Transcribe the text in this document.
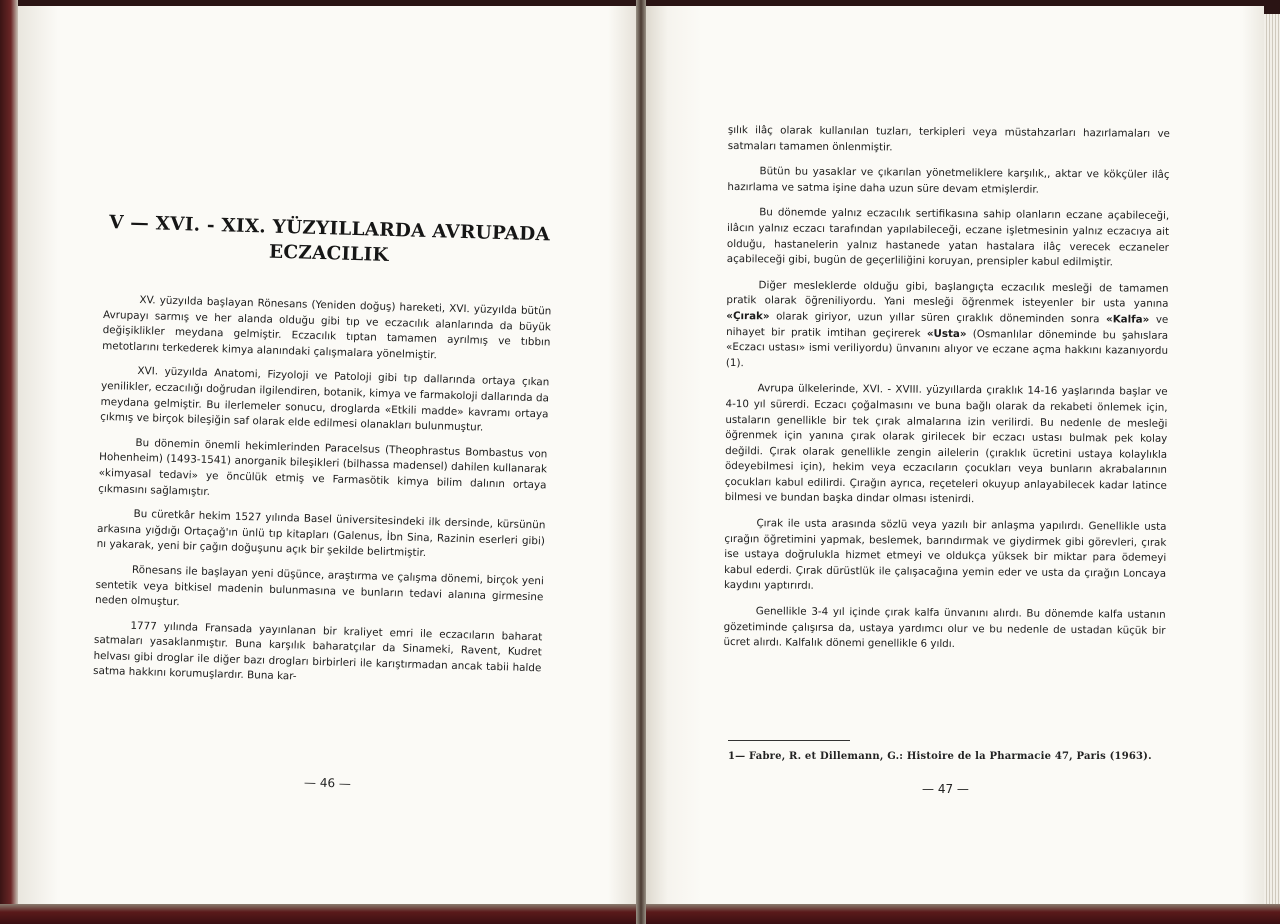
V — XVI. - XIX. YÜZYILLARDA AVRUPADA
ECZACILIK

XV. yüzyılda başlayan Rönesans (Yeniden doğuş) hareketi, XVI. yüzyılda bütün Avrupayı sarmış ve her alanda olduğu gibi tıp ve eczacılık alanlarında da büyük değişiklikler meydana gelmiştir. Eczacılık tıptan tamamen ayrılmış ve tıbbın metotlarını terkederek kimya alanındaki çalışmalara yönelmiştir.

XVI. yüzyılda Anatomi, Fizyoloji ve Patoloji gibi tıp dallarında ortaya çıkan yenilikler, eczacılığı doğrudan ilgilendiren, botanik, kimya ve farmakoloji dallarında da meydana gelmiştir. Bu ilerlemeler sonucu, droglarda «Etkili madde» kavramı ortaya çıkmış ve birçok bileşiğin saf olarak elde edilmesi olanakları bulunmuştur.

Bu dönemin önemli hekimlerinden Paracelsus (Theophrastus Bombastus von Hohenheim) (1493-1541) anorganik bileşikleri (bilhassa madensel) dahilen kullanarak «kimyasal tedavi» ye öncülük etmiş ve Farmasötik kimya bilim dalının ortaya çıkmasını sağlamıştır.

Bu cüretkâr hekim 1527 yılında Basel üniversitesindeki ilk dersinde, kürsünün arkasına yığdığı Ortaçağ'ın ünlü tıp kitapları (Galenus, İbn Sina, Razinin eserleri gibi) nı yakarak, yeni bir çağın doğuşunu açık bir şekilde belirtmiştir.

Rönesans ile başlayan yeni düşünce, araştırma ve çalışma dönemi, birçok yeni sentetik veya bitkisel madenin bulunmasına ve bunların tedavi alanına girmesine neden olmuştur.

1777 yılında Fransada yayınlanan bir kraliyet emri ile eczacıların baharat satmaları yasaklanmıştır. Buna karşılık baharatçılar da Sinameki, Ravent, Kudret helvası gibi droglar ile diğer bazı drogları birbirleri ile karıştırmadan ancak tabii halde satma hakkını korumuşlardır. Buna kar-

— 46 —

şılık ilâç olarak kullanılan tuzları, terkipleri veya müstahzarları hazırlamaları ve satmaları tamamen önlenmiştir.

Bütün bu yasaklar ve çıkarılan yönetmeliklere karşılık,, aktar ve kökçüler ilâç hazırlama ve satma işine daha uzun süre devam etmişlerdir.

Bu dönemde yalnız eczacılık sertifikasına sahip olanların eczane açabileceği, ilâcın yalnız eczacı tarafından yapılabileceği, eczane işletmesinin yalnız eczacıya ait olduğu, hastanelerin yalnız hastanede yatan hastalara ilâç verecek eczaneler açabileceği gibi, bugün de geçerliliğini koruyan, prensipler kabul edilmiştir.

Diğer mesleklerde olduğu gibi, başlangıçta eczacılık mesleği de tamamen pratik olarak öğreniliyordu. Yani mesleği öğrenmek isteyenler bir usta yanına «Çırak» olarak giriyor, uzun yıllar süren çıraklık döneminden sonra «Kalfa» ve nihayet bir pratik imtihan geçirerek «Usta» (Osmanlılar döneminde bu şahıslara «Eczacı ustası» ismi veriliyordu) ünvanını alıyor ve eczane açma hakkını kazanıyordu (1).

Avrupa ülkelerinde, XVI. - XVIII. yüzyıllarda çıraklık 14-16 yaşlarında başlar ve 4-10 yıl sürerdi. Eczacı çoğalmasını ve buna bağlı olarak da rekabeti önlemek için, ustaların genellikle bir tek çırak almalarına izin verilirdi. Bu nedenle de mesleği öğrenmek için yanına çırak olarak girilecek bir eczacı ustası bulmak pek kolay değildi. Çırak olarak genellikle zengin ailelerin (çıraklık ücretini ustaya kolaylıkla ödeyebilmesi için), hekim veya eczacıların çocukları veya bunların akrabalarının çocukları kabul edilirdi. Çırağın ayrıca, reçeteleri okuyup anlayabilecek kadar latince bilmesi ve bundan başka dindar olması istenirdi.

Çırak ile usta arasında sözlü veya yazılı bir anlaşma yapılırdı. Genellikle usta çırağın öğretimini yapmak, beslemek, barındırmak ve giydirmek gibi görevleri, çırak ise ustaya doğrulukla hizmet etmeyi ve oldukça yüksek bir miktar para ödemeyi kabul ederdi. Çırak dürüstlük ile çalışacağına yemin eder ve usta da çırağın Loncaya kaydını yaptırırdı.

Genellikle 3-4 yıl içinde çırak kalfa ünvanını alırdı. Bu dönemde kalfa ustanın gözetiminde çalışırsa da, ustaya yardımcı olur ve bu nedenle de ustadan küçük bir ücret alırdı. Kalfalık dönemi genellikle 6 yıldı.

1— Fabre, R. et Dillemann, G.: Histoire de la Pharmacie 47, Paris (1963).
— 47 —
